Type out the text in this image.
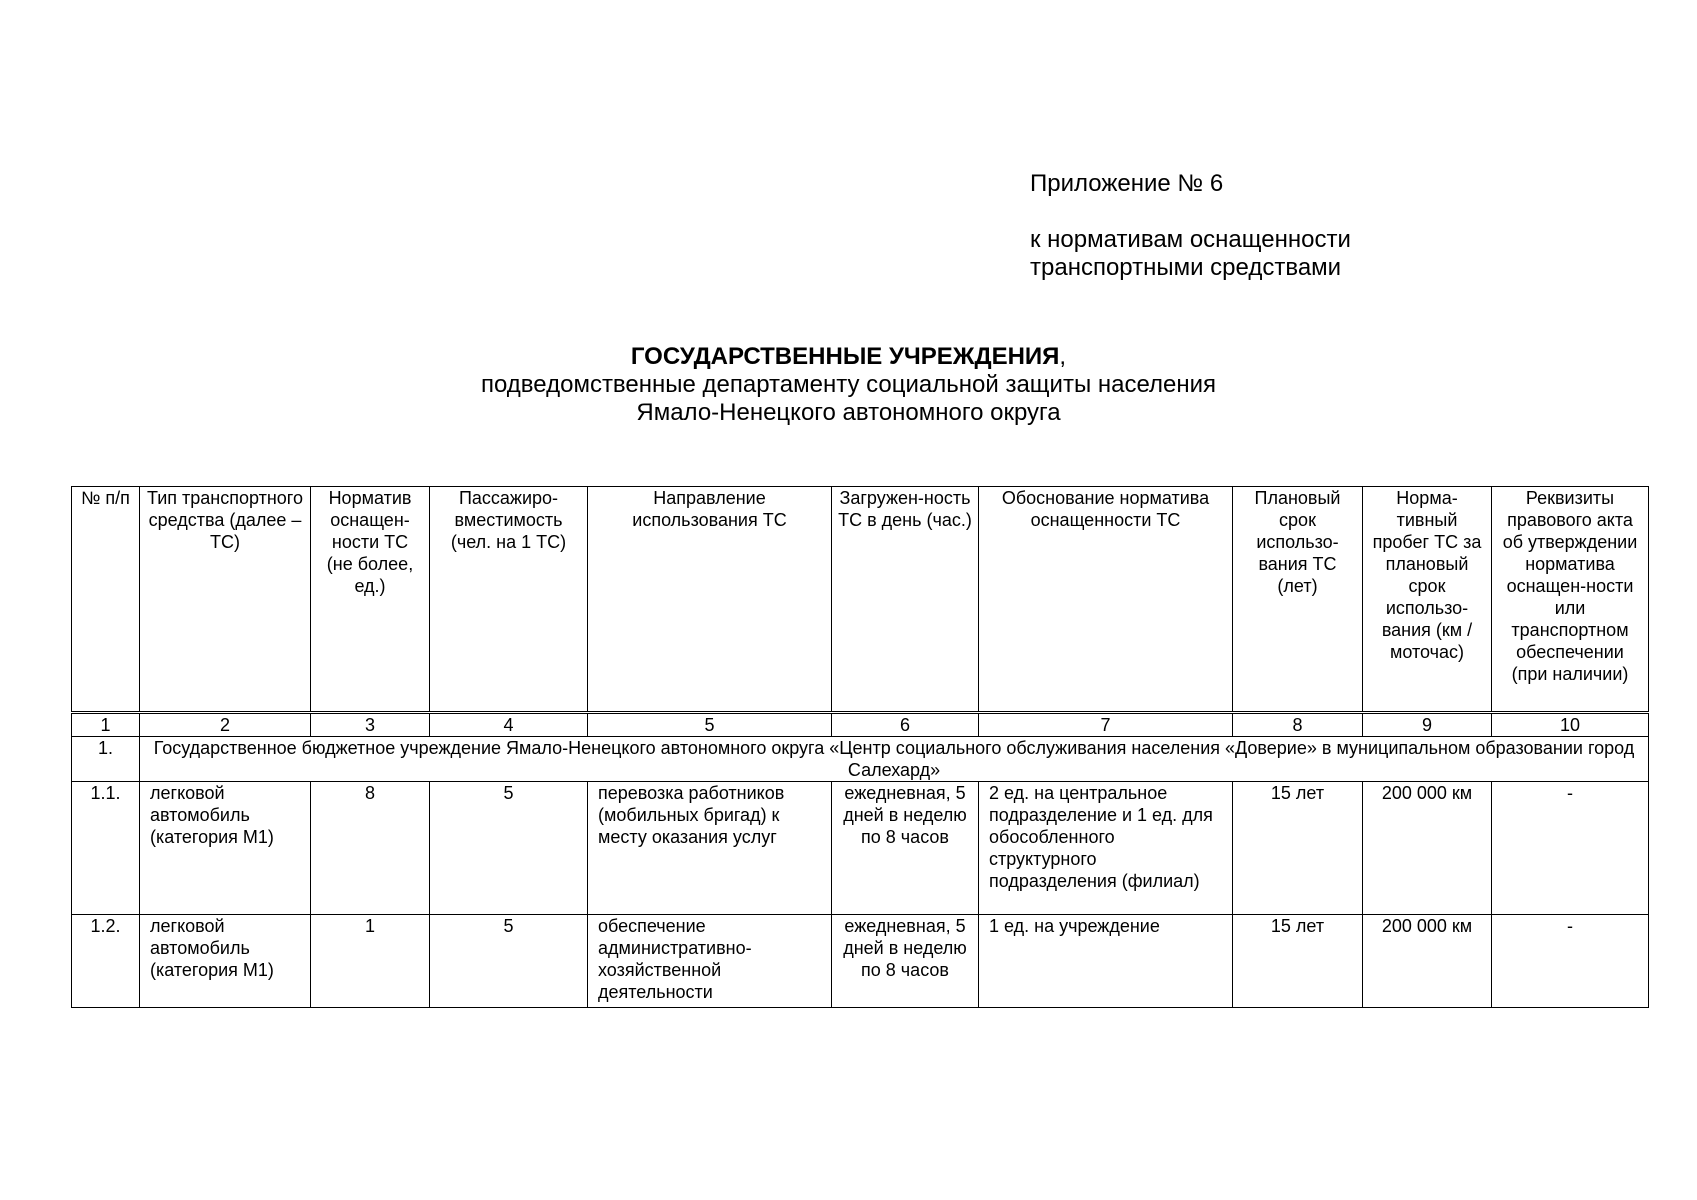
Приложение № 6
к нормативам оснащенности
транспортными средствами
ГОСУДАРСТВЕННЫЕ УЧРЕЖДЕНИЯ,
подведомственные департаменту социальной защиты населения
Ямало-Ненецкого автономного округа
№ п/п	Тип транспортного средства (далее – ТС)	Норматив оснащен-ности ТС (не более, ед.)	Пассажиро-вместимость (чел. на 1 ТС)	Направление использования ТС	Загружен-ность ТС в день (час.)	Обоснование норматива оснащенности ТС	Плановый срок использо-вания ТС (лет)	Норма-тивный пробег ТС за плановый срок использо-вания (км / моточас)	Реквизиты правового акта об утверждении норматива оснащен-ности или транспортном обеспечении (при наличии)
1	2	3	4	5	6	7	8	9	10
1.	Государственное бюджетное учреждение Ямало-Ненецкого автономного округа «Центр социального обслуживания населения «Доверие» в муниципальном образовании город Салехард»								
1.1.	легковой автомобиль (категория М1)	8	5	перевозка работников (мобильных бригад) к месту оказания услуг	ежедневная, 5 дней в неделю по 8 часов	2 ед. на центральное подразделение и 1 ед. для обособленного структурного подразделения (филиал)	15 лет	200 000 км	-
1.2.	легковой автомобиль (категория М1)	1	5	обеспечение административно-хозяйственной деятельности	ежедневная, 5 дней в неделю по 8 часов	1 ед. на учреждение	15 лет	200 000 км	-
